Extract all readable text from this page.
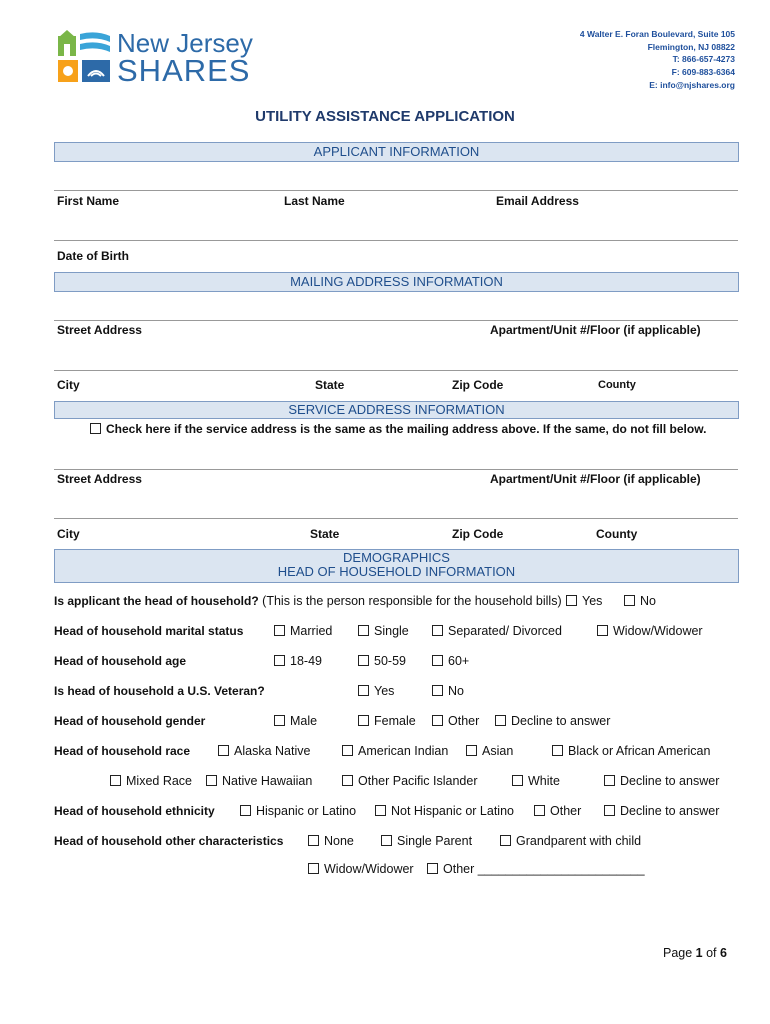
New Jersey
SHARES
4 Walter E. Foran Boulevard, Suite 105
Flemington, NJ 08822
T: 866-657-4273
F: 609-883-6364
E: info@njshares.org
UTILITY ASSISTANCE APPLICATION
APPLICANT INFORMATION
First Name	Last Name	Email Address
Date of Birth
MAILING ADDRESS INFORMATION
Street Address	Apartment/Unit #/Floor (if applicable)
City	State	Zip Code	County
SERVICE ADDRESS INFORMATION
Check here if the service address is the same as the mailing address above. If the same, do not fill below.
Street Address	Apartment/Unit #/Floor (if applicable)
City	State	Zip Code	County
DEMOGRAPHICS
HEAD OF HOUSEHOLD INFORMATION
Is applicant the head of household? (This is the person responsible for the household bills)	Yes	No
Head of household marital status	Married	Single	Separated/ Divorced	Widow/Widower
Head of household age	18-49	50-59	60+
Is head of household a U.S. Veteran?	Yes	No
Head of household gender	Male	Female	Other	Decline to answer
Head of household race	Alaska Native	American Indian	Asian	Black or African American
Mixed Race	Native Hawaiian	Other Pacific Islander	White	Decline to answer
Head of household ethnicity	Hispanic or Latino	Not Hispanic or Latino	Other	Decline to answer
Head of household other characteristics	None	Single Parent	Grandparent with child
Widow/Widower	Other ________________________
Page 1 of 6
